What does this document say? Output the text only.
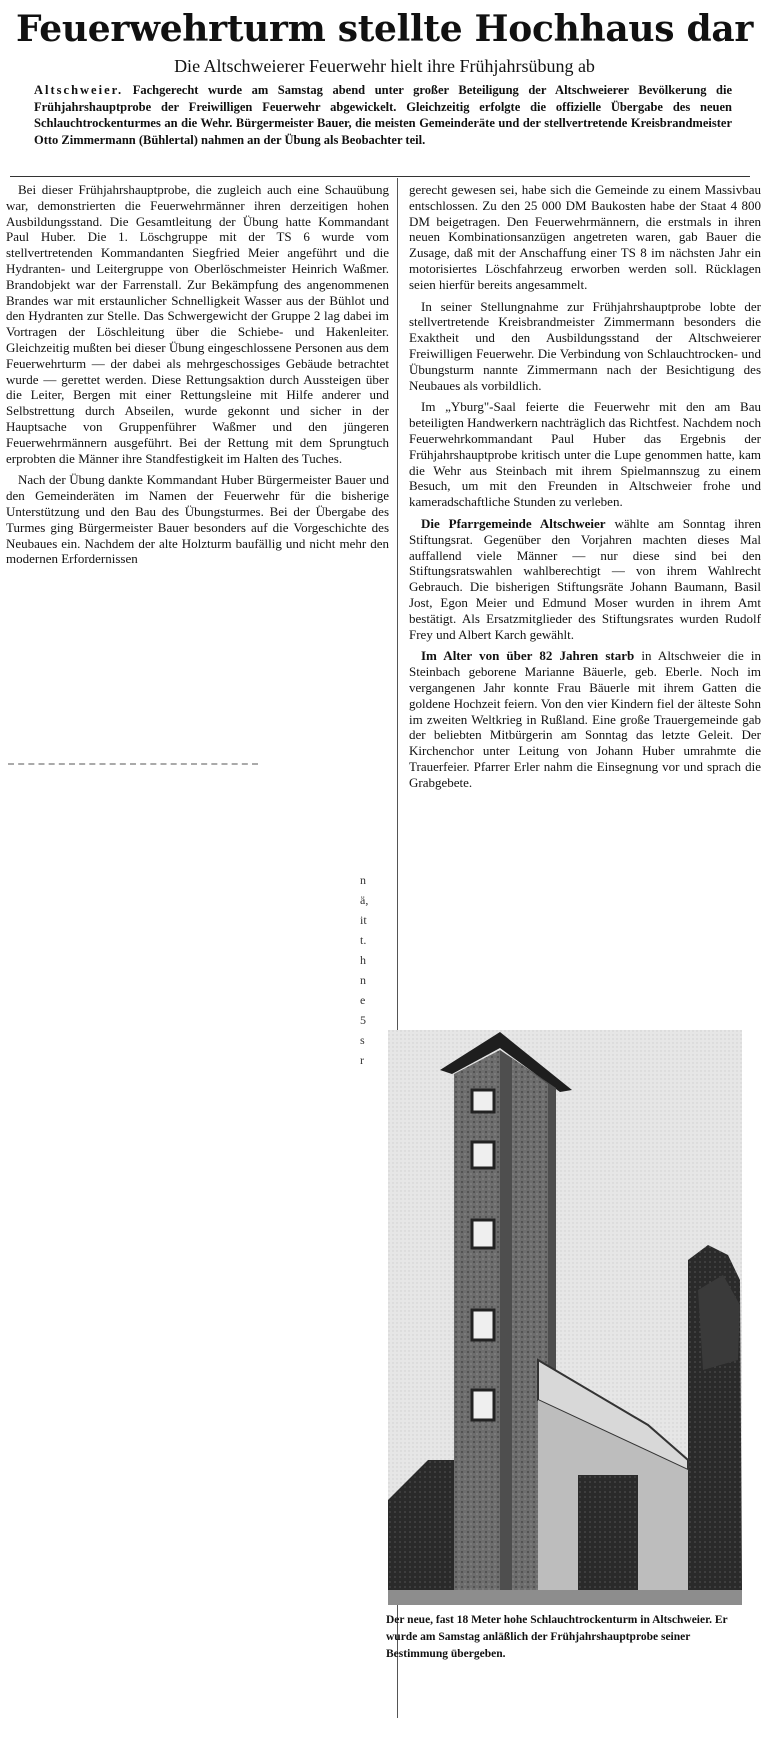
Feuerwehrturm stellte Hochhaus dar
Die Altschweierer Feuerwehr hielt ihre Frühjahrsübung ab
Altschweier. Fachgerecht wurde am Samstag abend unter großer Beteiligung der Altschweierer Bevölkerung die Frühjahrshauptprobe der Freiwilligen Feuerwehr abgewickelt. Gleichzeitig erfolgte die offizielle Übergabe des neuen Schlauchtrockenturmes an die Wehr. Bürgermeister Bauer, die meisten Gemeinderäte und der stellvertretende Kreisbrandmeister Otto Zimmermann (Bühlertal) nahmen an der Übung als Beobachter teil.

Bei dieser Frühjahrshauptprobe, die zugleich auch eine Schauübung war, demonstrierten die Feuerwehrmänner ihren derzeitigen hohen Ausbildungsstand. Die Gesamtleitung der Übung hatte Kommandant Paul Huber. Die 1. Löschgruppe mit der TS 6 wurde vom stellvertretenden Kommandanten Siegfried Meier angeführt und die Hydranten- und Leitergruppe von Oberlöschmeister Heinrich Waßmer. Brandobjekt war der Farrenstall. Zur Bekämpfung des angenommenen Brandes war mit erstaunlicher Schnelligkeit Wasser aus der Bühlot und den Hydranten zur Stelle. Das Schwergewicht der Gruppe 2 lag dabei im Vortragen der Löschleitung über die Schiebe- und Hakenleiter. Gleichzeitig mußten bei dieser Übung eingeschlossene Personen aus dem Feuerwehrturm — der dabei als mehrgeschossiges Gebäude betrachtet wurde — gerettet werden. Diese Rettungsaktion durch Aussteigen über die Leiter, Bergen mit einer Rettungsleine mit Hilfe anderer und Selbstrettung durch Abseilen, wurde gekonnt und sicher in der Hauptsache von Gruppenführer Waßmer und den jüngeren Feuerwehrmännern ausgeführt. Bei der Rettung mit dem Sprungtuch erprobten die Männer ihre Standfestigkeit im Halten des Tuches.

Nach der Übung dankte Kommandant Huber Bürgermeister Bauer und den Gemeinderäten im Namen der Feuerwehr für die bisherige Unterstützung und den Bau des Übungsturmes. Bei der Übergabe des Turmes ging Bürgermeister Bauer besonders auf die Vorgeschichte des Neubaues ein. Nachdem der alte Holzturm baufällig und nicht mehr den modernen Erfordernissen

n
ä,
it
t.
h
n
e
5
s
r

gerecht gewesen sei, habe sich die Gemeinde zu einem Massivbau entschlossen. Zu den 25 000 DM Baukosten habe der Staat 4 800 DM beigetragen. Den Feuerwehrmännern, die erstmals in ihren neuen Kombinationsanzügen angetreten waren, gab Bauer die Zusage, daß mit der Anschaffung einer TS 8 im nächsten Jahr ein motorisiertes Löschfahrzeug erworben werden soll. Rücklagen seien hierfür bereits angesammelt.

In seiner Stellungnahme zur Frühjahrshauptprobe lobte der stellvertretende Kreisbrandmeister Zimmermann besonders die Exaktheit und den Ausbildungsstand der Altschweierer Freiwilligen Feuerwehr. Die Verbindung von Schlauchtrocken- und Übungsturm nannte Zimmermann nach der Besichtigung des Neubaues als vorbildlich.

Im „Yburg"-Saal feierte die Feuerwehr mit den am Bau beteiligten Handwerkern nachträglich das Richtfest. Nachdem noch Feuerwehrkommandant Paul Huber das Ergebnis der Frühjahrshauptprobe kritisch unter die Lupe genommen hatte, kam die Wehr aus Steinbach mit ihrem Spielmannszug zu einem Besuch, um mit den Freunden in Altschweier frohe und kameradschaftliche Stunden zu verleben.

Die Pfarrgemeinde Altschweier wählte am Sonntag ihren Stiftungsrat. Gegenüber den Vorjahren machten dieses Mal auffallend viele Männer — nur diese sind bei den Stiftungsratswahlen wahlberechtigt — von ihrem Wahlrecht Gebrauch. Die bisherigen Stiftungsräte Johann Baumann, Basil Jost, Egon Meier und Edmund Moser wurden in ihrem Amt bestätigt. Als Ersatzmitglieder des Stiftungsrates wurden Rudolf Frey und Albert Karch gewählt.

Im Alter von über 82 Jahren starb in Altschweier die in Steinbach geborene Marianne Bäuerle, geb. Eberle. Noch im vergangenen Jahr konnte Frau Bäuerle mit ihrem Gatten die goldene Hochzeit feiern. Von den vier Kindern fiel der älteste Sohn im zweiten Weltkrieg in Rußland. Eine große Trauergemeinde gab der beliebten Mitbürgerin am Sonntag das letzte Geleit. Der Kirchenchor unter Leitung von Johann Huber umrahmte die Trauerfeier. Pfarrer Erler nahm die Einsegnung vor und sprach die Grabgebete.

Der neue, fast 18 Meter hohe Schlauchtrockenturm in Altschweier. Er wurde am Samstag anläßlich der Frühjahrshauptprobe seiner Bestimmung übergeben.
